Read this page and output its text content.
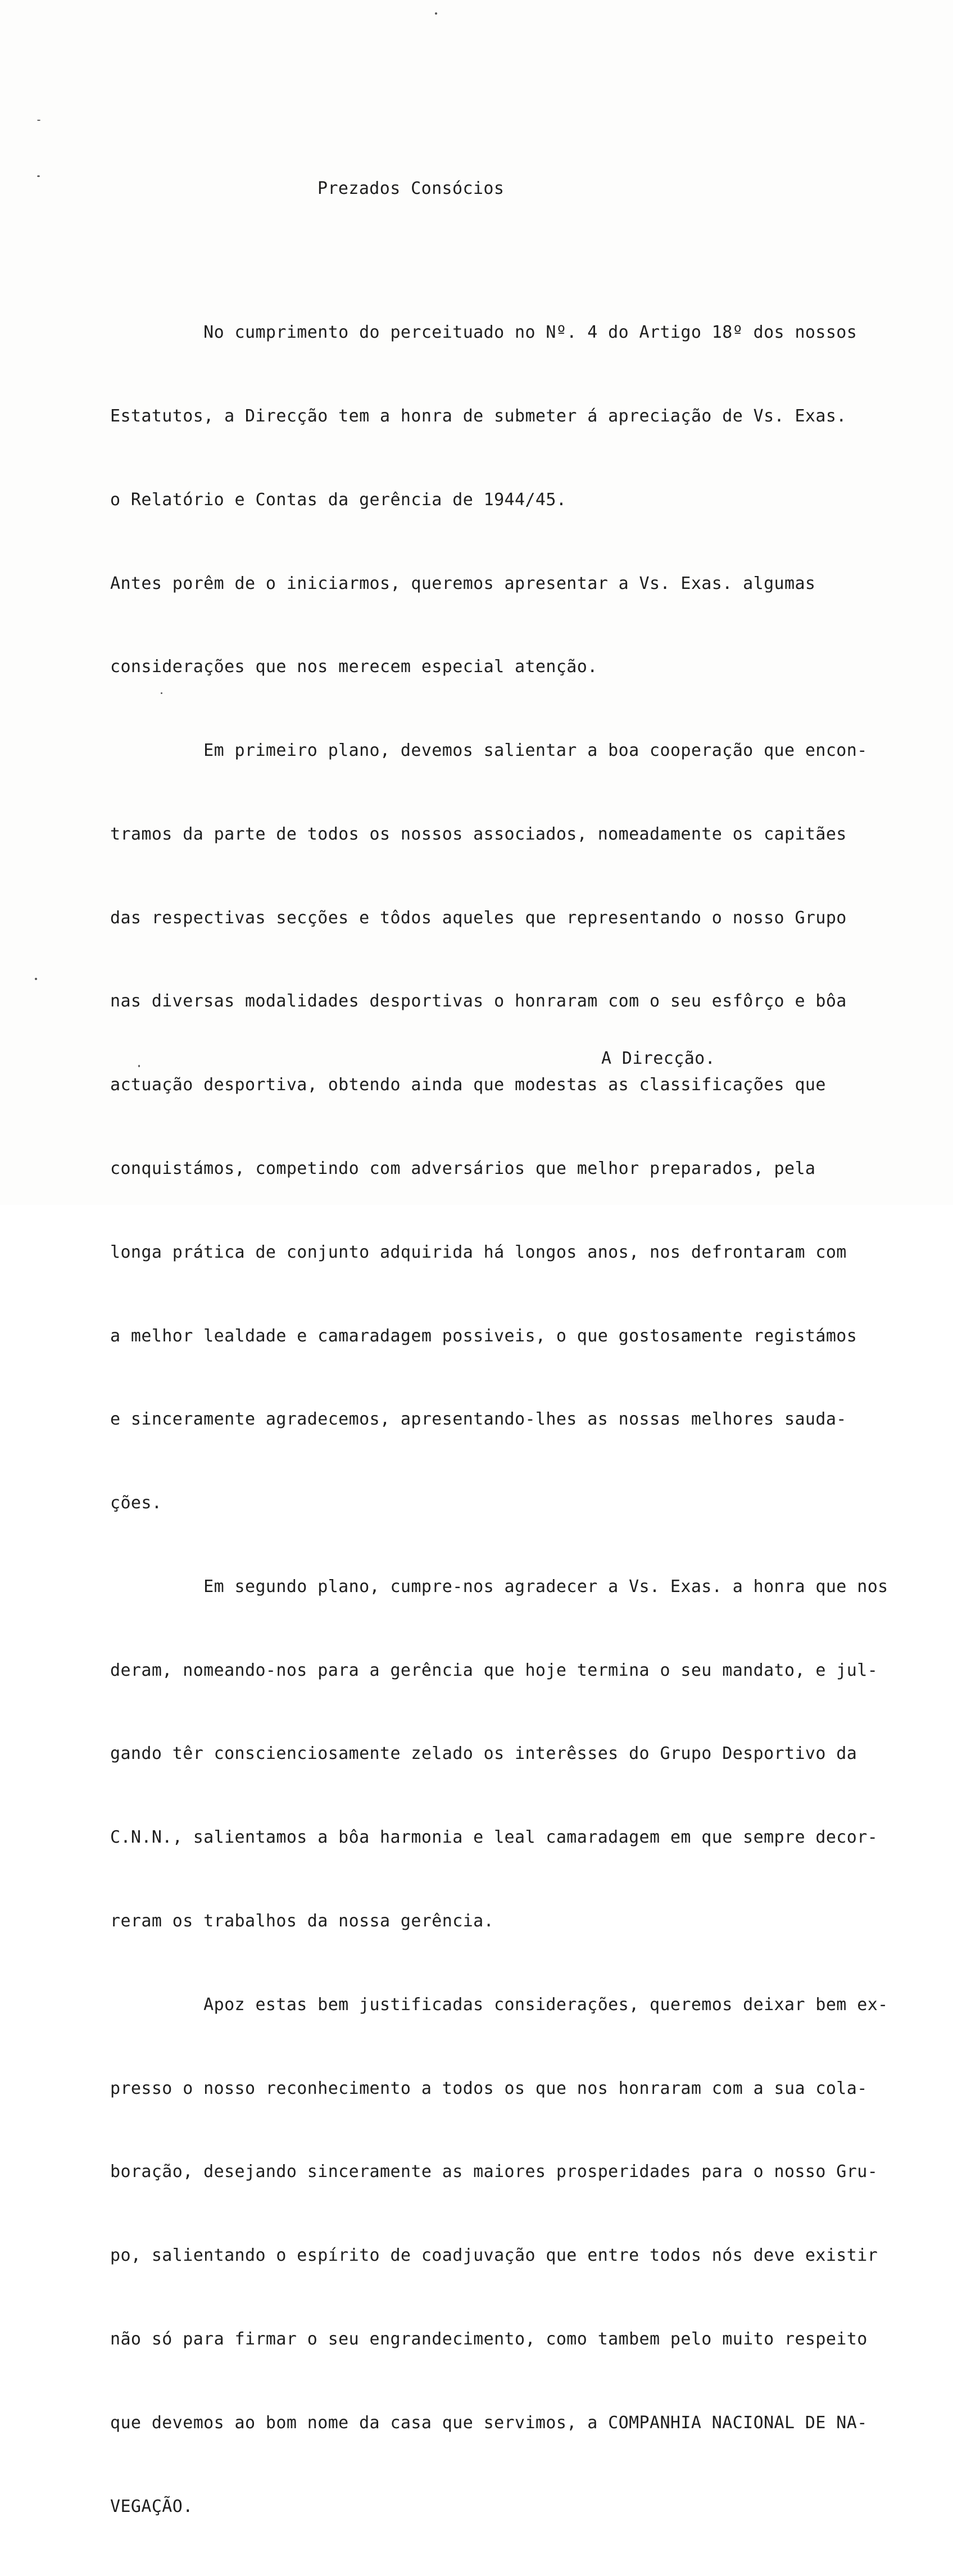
Prezados Consócios

No cumprimento do perceituado no Nº. 4 do Artigo 18º dos nossos

Estatutos, a Direcção tem a honra de submeter á apreciação de Vs. Exas.

o Relatório e Contas da gerência de 1944/45.

Antes porêm de o iniciarmos, queremos apresentar a Vs. Exas. algumas

considerações que nos merecem especial atenção.

Em primeiro plano, devemos salientar a boa cooperação que encon-

tramos da parte de todos os nossos associados, nomeadamente os capitães

das respectivas secções e tôdos aqueles que representando o nosso Grupo

nas diversas modalidades desportivas o honraram com o seu esfôrço e bôa

actuação desportiva, obtendo ainda que modestas as classificações que

conquistámos, competindo com adversários que melhor preparados, pela

longa prática de conjunto adquirida há longos anos, nos defrontaram com

a melhor lealdade e camaradagem possiveis, o que gostosamente registámos

e sinceramente agradecemos, apresentando-lhes as nossas melhores sauda-

ções.

Em segundo plano, cumpre-nos agradecer a Vs. Exas. a honra que nos

deram, nomeando-nos para a gerência que hoje termina o seu mandato, e jul-

gando têr conscienciosamente zelado os interêsses do Grupo Desportivo da

C.N.N., salientamos a bôa harmonia e leal camaradagem em que sempre decor-

reram os trabalhos da nossa gerência.

Apoz estas bem justificadas considerações, queremos deixar bem ex-

presso o nosso reconhecimento a todos os que nos honraram com a sua cola-

boração, desejando sinceramente as maiores prosperidades para o nosso Gru-

po, salientando o espírito de coadjuvação que entre todos nós deve existir

não só para firmar o seu engrandecimento, como tambem pelo muito respeito

que devemos ao bom nome da casa que servimos, a COMPANHIA NACIONAL DE NA-

VEGAÇÃO.

A Direcção.
